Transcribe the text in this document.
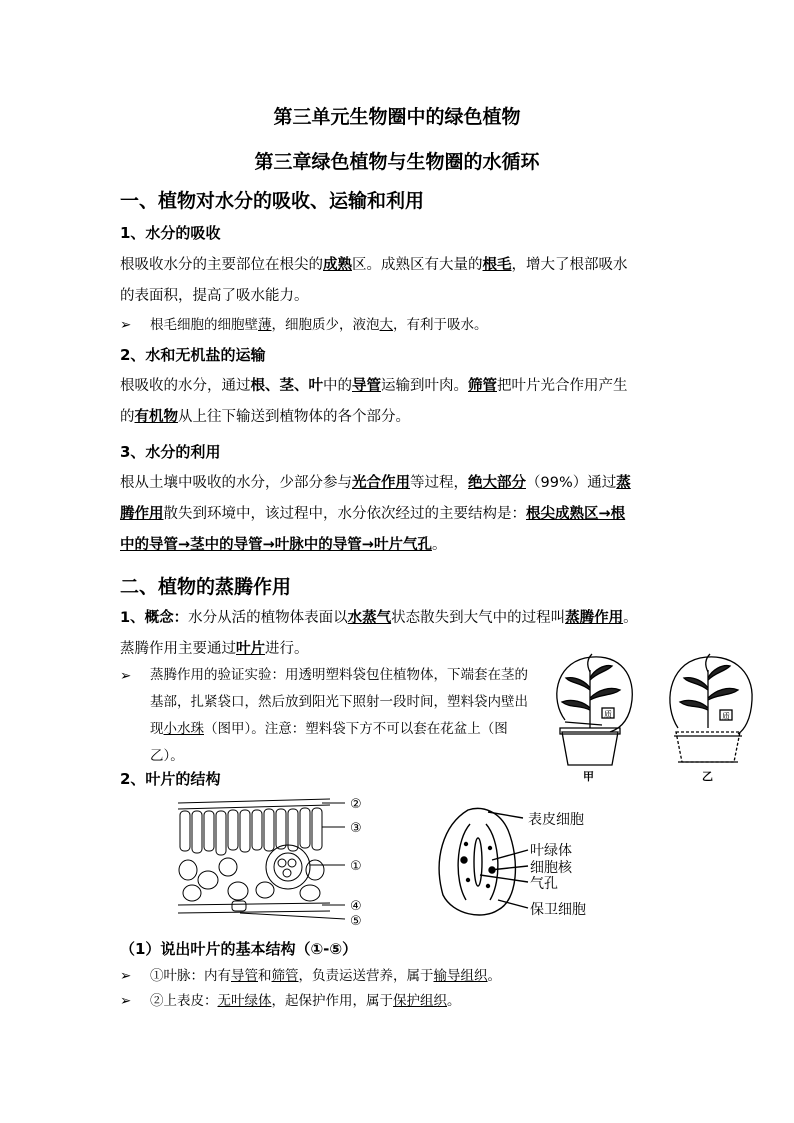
第三单元生物圈中的绿色植物
第三章绿色植物与生物圈的水循环
一、植物对水分的吸收、运输和利用
1、水分的吸收
根吸收水分的主要部位在根尖的成熟区。成熟区有大量的根毛，增大了根部吸水
的表面积，提高了吸水能力。
➢ 根毛细胞的细胞壁薄，细胞质少，液泡大，有利于吸水。
2、水和无机盐的运输
根吸收的水分，通过根、茎、叶中的导管运输到叶肉。筛管把叶片光合作用产生
的有机物从上往下输送到植物体的各个部分。
3、水分的利用
根从土壤中吸收的水分，少部分参与光合作用等过程，绝大部分（99%）通过蒸
腾作用散失到环境中，该过程中，水分依次经过的主要结构是：根尖成熟区→根
中的导管→茎中的导管→叶脉中的导管→叶片气孔。
二、植物的蒸腾作用
1、概念：水分从活的植物体表面以水蒸气状态散失到大气中的过程叫蒸腾作用。
蒸腾作用主要通过叶片进行。
➢ 蒸腾作用的验证实验：用透明塑料袋包住植物体，下端套在茎的基部，扎紧袋口，然后放到阳光下照射一段时间，塑料袋内壁出现小水珠（图甲）。注意：塑料袋下方不可以套在花盆上（图乙）。
质
甲
质
乙
2、叶片的结构
②
③
①
④
⑤
表皮细胞
叶绿体
细胞核
气孔
保卫细胞
（1）说出叶片的基本结构（①-⑤）
➢ ①叶脉：内有导管和筛管，负责运送营养，属于输导组织。
➢ ②上表皮：无叶绿体，起保护作用，属于保护组织。
